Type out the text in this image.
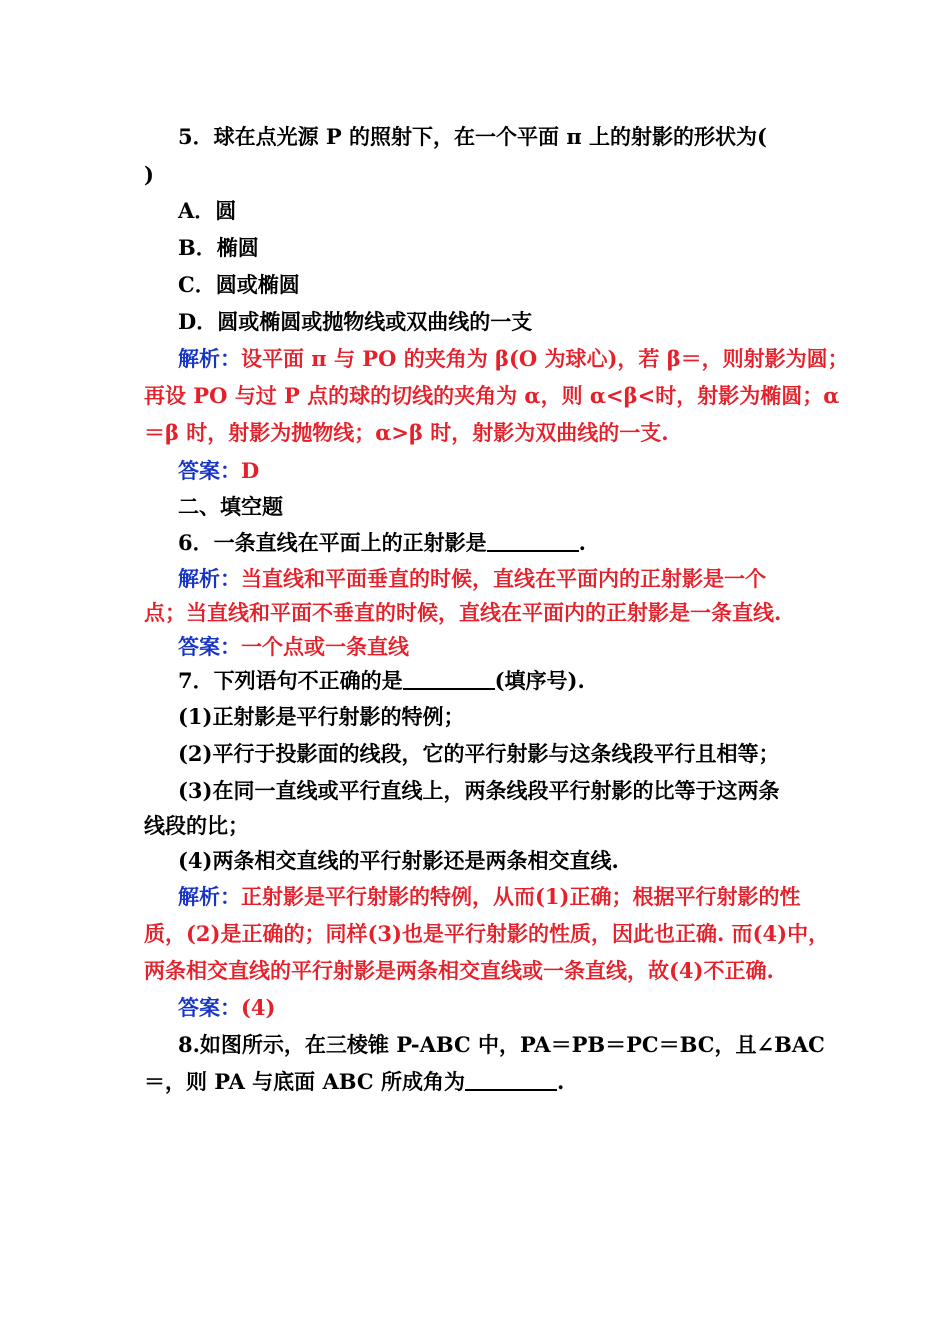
5．球在点光源 P 的照射下，在一个平面 π 上的射影的形状为(
)
A．圆
B．椭圆
C．圆或椭圆
D．圆或椭圆或抛物线或双曲线的一支
解析：设平面 π 与 PO 的夹角为 β(O 为球心)，若 β＝，则射影为圆；
再设 PO 与过 P 点的球的切线的夹角为 α，则 α<β<时，射影为椭圆；α
＝β 时，射影为抛物线；α>β 时，射影为双曲线的一支.
答案：D
二、填空题
6．一条直线在平面上的正射影是	.
解析：当直线和平面垂直的时候，直线在平面内的正射影是一个
点；当直线和平面不垂直的时候，直线在平面内的正射影是一条直线.
答案：一个点或一条直线
7．下列语句不正确的是	(填序号).
(1)正射影是平行射影的特例；
(2)平行于投影面的线段，它的平行射影与这条线段平行且相等；
(3)在同一直线或平行直线上，两条线段平行射影的比等于这两条
线段的比；
(4)两条相交直线的平行射影还是两条相交直线.
解析：正射影是平行射影的特例，从而(1)正确；根据平行射影的性
质，(2)是正确的；同样(3)也是平行射影的性质，因此也正确. 而(4)中，
两条相交直线的平行射影是两条相交直线或一条直线，故(4)不正确.
答案：(4)
8.如图所示，在三棱锥 P-ABC 中，PA＝PB＝PC＝BC，且∠BAC
＝，则 PA 与底面 ABC 所成角为	.
